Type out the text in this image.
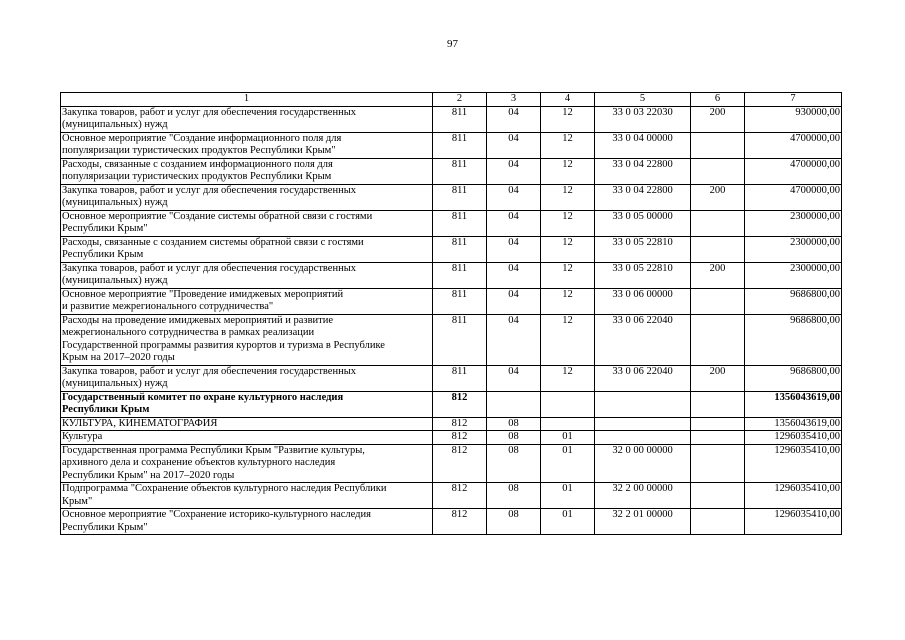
97
1	2	3	4	5	6	7
Закупка товаров, работ и услуг для обеспечения государственных
(муниципальных) нужд	811	04	12	33 0 03 22030	200	930000,00
Основное мероприятие "Создание информационного поля для
популяризации туристических продуктов Республики Крым"	811	04	12	33 0 04 00000		4700000,00
Расходы, связанные с созданием информационного поля для
популяризации туристических продуктов Республики Крым	811	04	12	33 0 04 22800		4700000,00
Закупка товаров, работ и услуг для обеспечения государственных
(муниципальных) нужд	811	04	12	33 0 04 22800	200	4700000,00
Основное мероприятие "Создание системы обратной связи с гостями
Республики Крым"	811	04	12	33 0 05 00000		2300000,00
Расходы, связанные с созданием системы обратной связи с гостями
Республики Крым	811	04	12	33 0 05 22810		2300000,00
Закупка товаров, работ и услуг для обеспечения государственных
(муниципальных) нужд	811	04	12	33 0 05 22810	200	2300000,00
Основное мероприятие "Проведение имиджевых мероприятий
и развитие межрегионального сотрудничества"	811	04	12	33 0 06 00000		9686800,00
Расходы на проведение имиджевых мероприятий и развитие
межрегионального сотрудничества в рамках реализации
Государственной программы развития курортов и туризма в Республике
Крым на 2017–2020 годы	811	04	12	33 0 06 22040		9686800,00
Закупка товаров, работ и услуг для обеспечения государственных
(муниципальных) нужд	811	04	12	33 0 06 22040	200	9686800,00
Государственный комитет по охране культурного наследия
Республики Крым	812					1356043619,00
КУЛЬТУРА, КИНЕМАТОГРАФИЯ	812	08				1356043619,00
Культура	812	08	01			1296035410,00
Государственная программа Республики Крым "Развитие культуры,
архивного дела и сохранение объектов культурного наследия
Республики Крым" на 2017–2020 годы	812	08	01	32 0 00 00000		1296035410,00
Подпрограмма "Сохранение объектов культурного наследия Республики
Крым"	812	08	01	32 2 00 00000		1296035410,00
Основное мероприятие "Сохранение историко-культурного наследия
Республики Крым"	812	08	01	32 2 01 00000		1296035410,00
